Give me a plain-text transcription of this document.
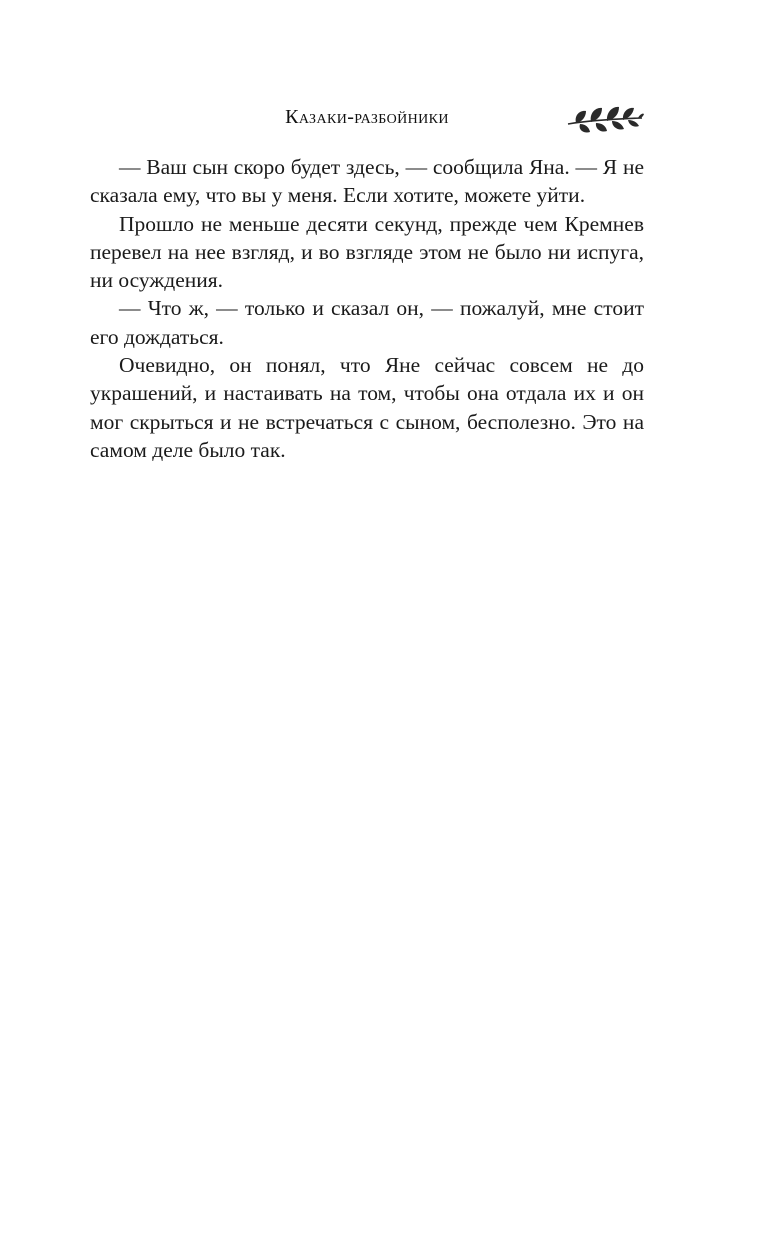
Казаки-разбойники

— Ваш сын скоро будет здесь, — сообщила Яна. — Я не сказала ему, что вы у меня. Если хотите, можете уйти.

Прошло не меньше десяти секунд, прежде чем Кремнев перевел на нее взгляд, и во взгляде этом не было ни испуга, ни осуждения.

— Что ж, — только и сказал он, — пожалуй, мне стоит его дождаться.

Очевидно, он понял, что Яне сейчас совсем не до украшений, и настаивать на том, чтобы она отдала их и он мог скрыться и не встречаться с сыном, бесполезно. Это на самом деле было так.
